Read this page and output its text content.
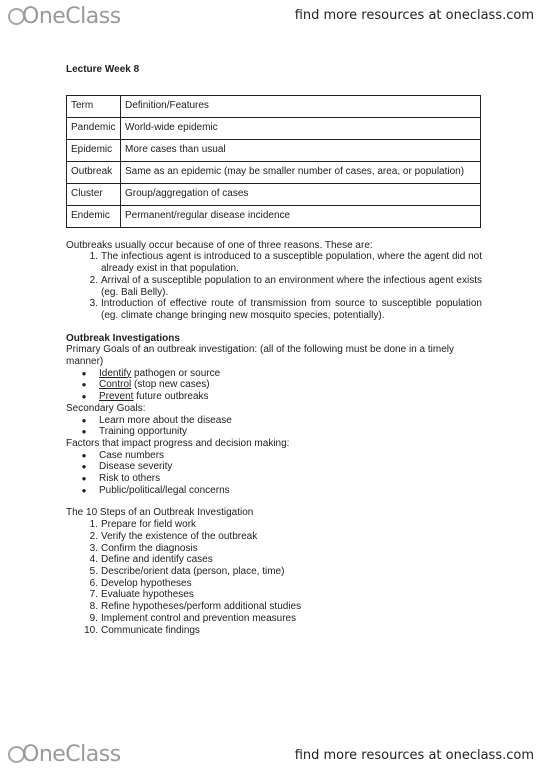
OneClass	find more resources at oneclass.com
Lecture Week 8
Term	Definition/Features
Pandemic	World-wide epidemic
Epidemic	More cases than usual
Outbreak	Same as an epidemic (may be smaller number of cases, area, or population)
Cluster	Group/aggregation of cases
Endemic	Permanent/regular disease incidence
Outbreaks usually occur because of one of three reasons. These are:
1. The infectious agent is introduced to a susceptible population, where the agent did not already exist in that population.
2. Arrival of a susceptible population to an environment where the infectious agent exists (eg. Bali Belly).
3. Introduction of effective route of transmission from source to susceptible population (eg. climate change bringing new mosquito species, potentially).
Outbreak Investigations
Primary Goals of an outbreak investigation: (all of the following must be done in a timely manner)
●	Identify pathogen or source
●	Control (stop new cases)
●	Prevent future outbreaks
Secondary Goals:
●	Learn more about the disease
●	Training opportunity
Factors that impact progress and decision making:
●	Case numbers
●	Disease severity
●	Risk to others
●	Public/political/legal concerns
The 10 Steps of an Outbreak Investigation
1. Prepare for field work
2. Verify the existence of the outbreak
3. Confirm the diagnosis
4. Define and identify cases
5. Describe/orient data (person, place, time)
6. Develop hypotheses
7. Evaluate hypotheses
8. Refine hypotheses/perform additional studies
9. Implement control and prevention measures
10. Communicate findings
OneClass	find more resources at oneclass.com
